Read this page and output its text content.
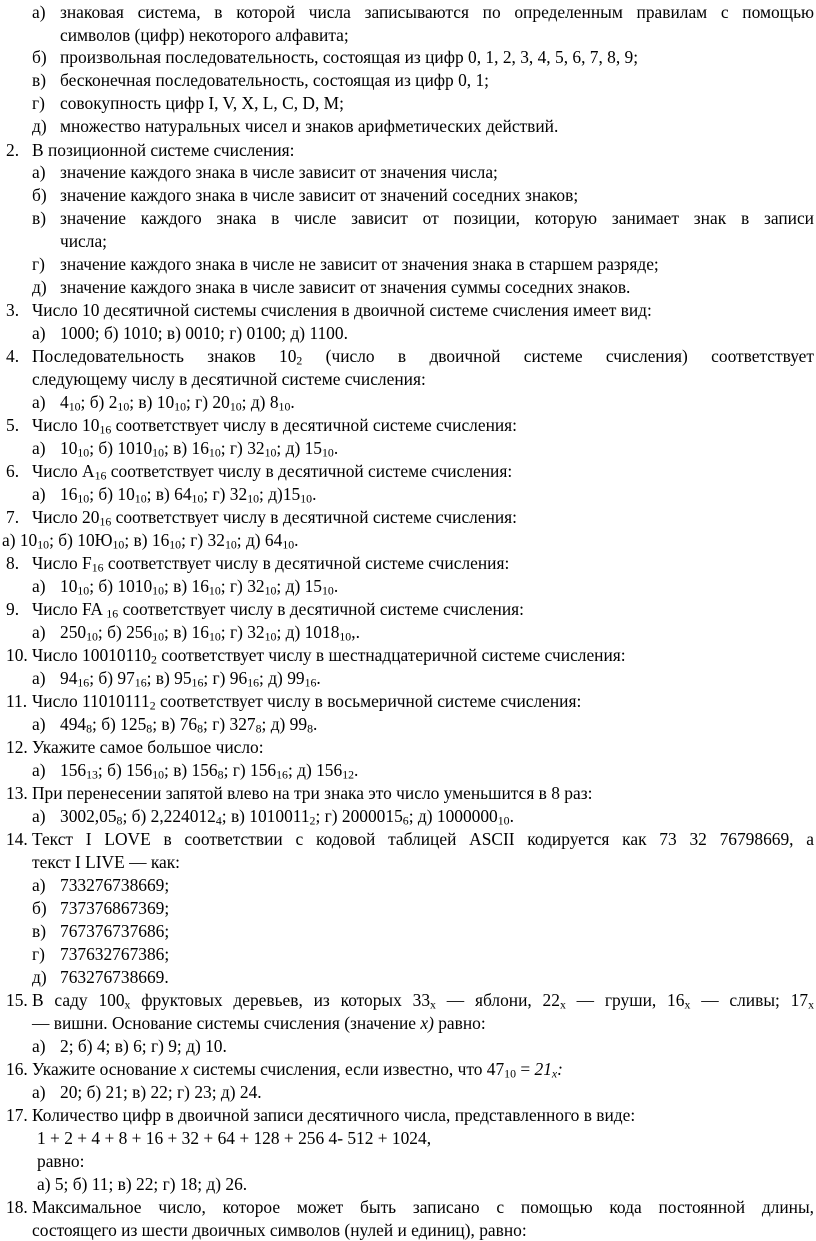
а) знаковая система, в которой числа записываются по определенным правилам с помощью
символов (цифр) некоторого алфавита;
б) произвольная последовательность, состоящая из цифр 0, 1, 2, 3, 4, 5, 6, 7, 8, 9;
в) бесконечная последовательность, состоящая из цифр 0, 1;
г) совокупность цифр I, V, X, L, C, D, M;
д) множество натуральных чисел и знаков арифметических действий.
2. В позиционной системе счисления:
а) значение каждого знака в числе зависит от значения числа;
б) значение каждого знака в числе зависит от значений соседних знаков;
в) значение каждого знака в числе зависит от позиции, которую занимает знак в записи
числа;
г) значение каждого знака в числе не зависит от значения знака в старшем разряде;
д) значение каждого знака в числе зависит от значения суммы соседних знаков.
3. Число 10 десятичной системы счисления в двоичной системе счисления имеет вид:
а) 1000; б) 1010; в) 0010; г) 0100; д) 1100.
4. Последовательность знаков $10_2$ (число в двоичной системе счисления) соответствует
следующему числу в десятичной системе счисления:
а) $4_{10}$; б) $2_{10}$; в) $10_{10}$; г) $20_{10}$; д) $8_{10}$.
5. Число $10_{16}$ соответствует числу в десятичной системе счисления:
а) $10_{10}$; б) $1010_{10}$; в) $16_{10}$; г) $32_{10}$; д) $15_{10}$.
6. Число $А_{16}$ соответствует числу в десятичной системе счисления:
а) $16_{10}$; б) $10_{10}$; в) $64_{10}$; г) $32_{10}$; $д)15_{10}$.
7. Число $20_{16}$ соответствует числу в десятичной системе счисления:
а) $10_{10}$; б) $10Ю_{10}$; в) $16_{10}$; г) $32_{10}$; д) $64_{10}$.
8. Число $F_{16}$ соответствует числу в десятичной системе счисления:
а) $10_{10}$; б) $1010_{10}$; в) $16_{10}$; г) $32_{10}$; д) $15_{10}$.
9. Число FA $_{16}$ соответствует числу в десятичной системе счисления:
а) $250_{10}$; б) $256_{10}$; в) $16_{10}$; г) $32_{10}$; д) $1018_{10}$,.
10. Число $10010110_2$ соответствует числу в шестнадцатеричной системе счисления:
а) $94_{16}$; б) $97_{16}$; в) $95_{16}$; г) $96_{16}$; д) $99_{16}$.
11. Число $11010111_2$ соответствует числу в восьмеричной системе счисления:
а) $494_8$; б) $125_8$; в) $76_8$; г) $327_8$; д) $99_8$.
12. Укажите самое большое число:
а) $156_{13}$; б) $156_{10}$; в) $156_8$; г) $156_{16}$; д) $156_{12}$.
13. При перенесении запятой влево на три знака это число уменьшится в 8 раз:
а) $3002,05_8$; б) $2,224012_4$; в) $1010011_2$; г) $2000015_6$; д) $1000000_{10}$.
14. Текст I LOVE в соответствии с кодовой таблицей ASCII кодируется как 73 32 76798669, а
текст I LIVE — как:
а) 733276738669;
б) 737376867369;
в) 767376737686;
г) 737632767386;
д) 763276738669.
15. В саду $100_х$ фруктовых деревьев, из которых $33_х$ — яблони, $22_х$ — груши, $16_х$ — сливы; $17_х$
— вишни. Основание системы счисления (значение х) равно:
а) 2; б) 4; в) 6; г) 9; д) 10.
16. Укажите основание х системы счисления, если известно, что $47_{10} = 21_х$:
а) 20; б) 21; в) 22; г) 23; д) 24.
17. Количество цифр в двоичной записи десятичного числа, представленного в виде:
1 + 2 + 4 + 8 + 16 + 32 + 64 + 128 + 256 4- 512 + 1024,
равно:
а) 5; б) 11; в) 22; г) 18; д) 26.
18. Максимальное число, которое может быть записано с помощью кода постоянной длины,
состоящего из шести двоичных символов (нулей и единиц), равно:
